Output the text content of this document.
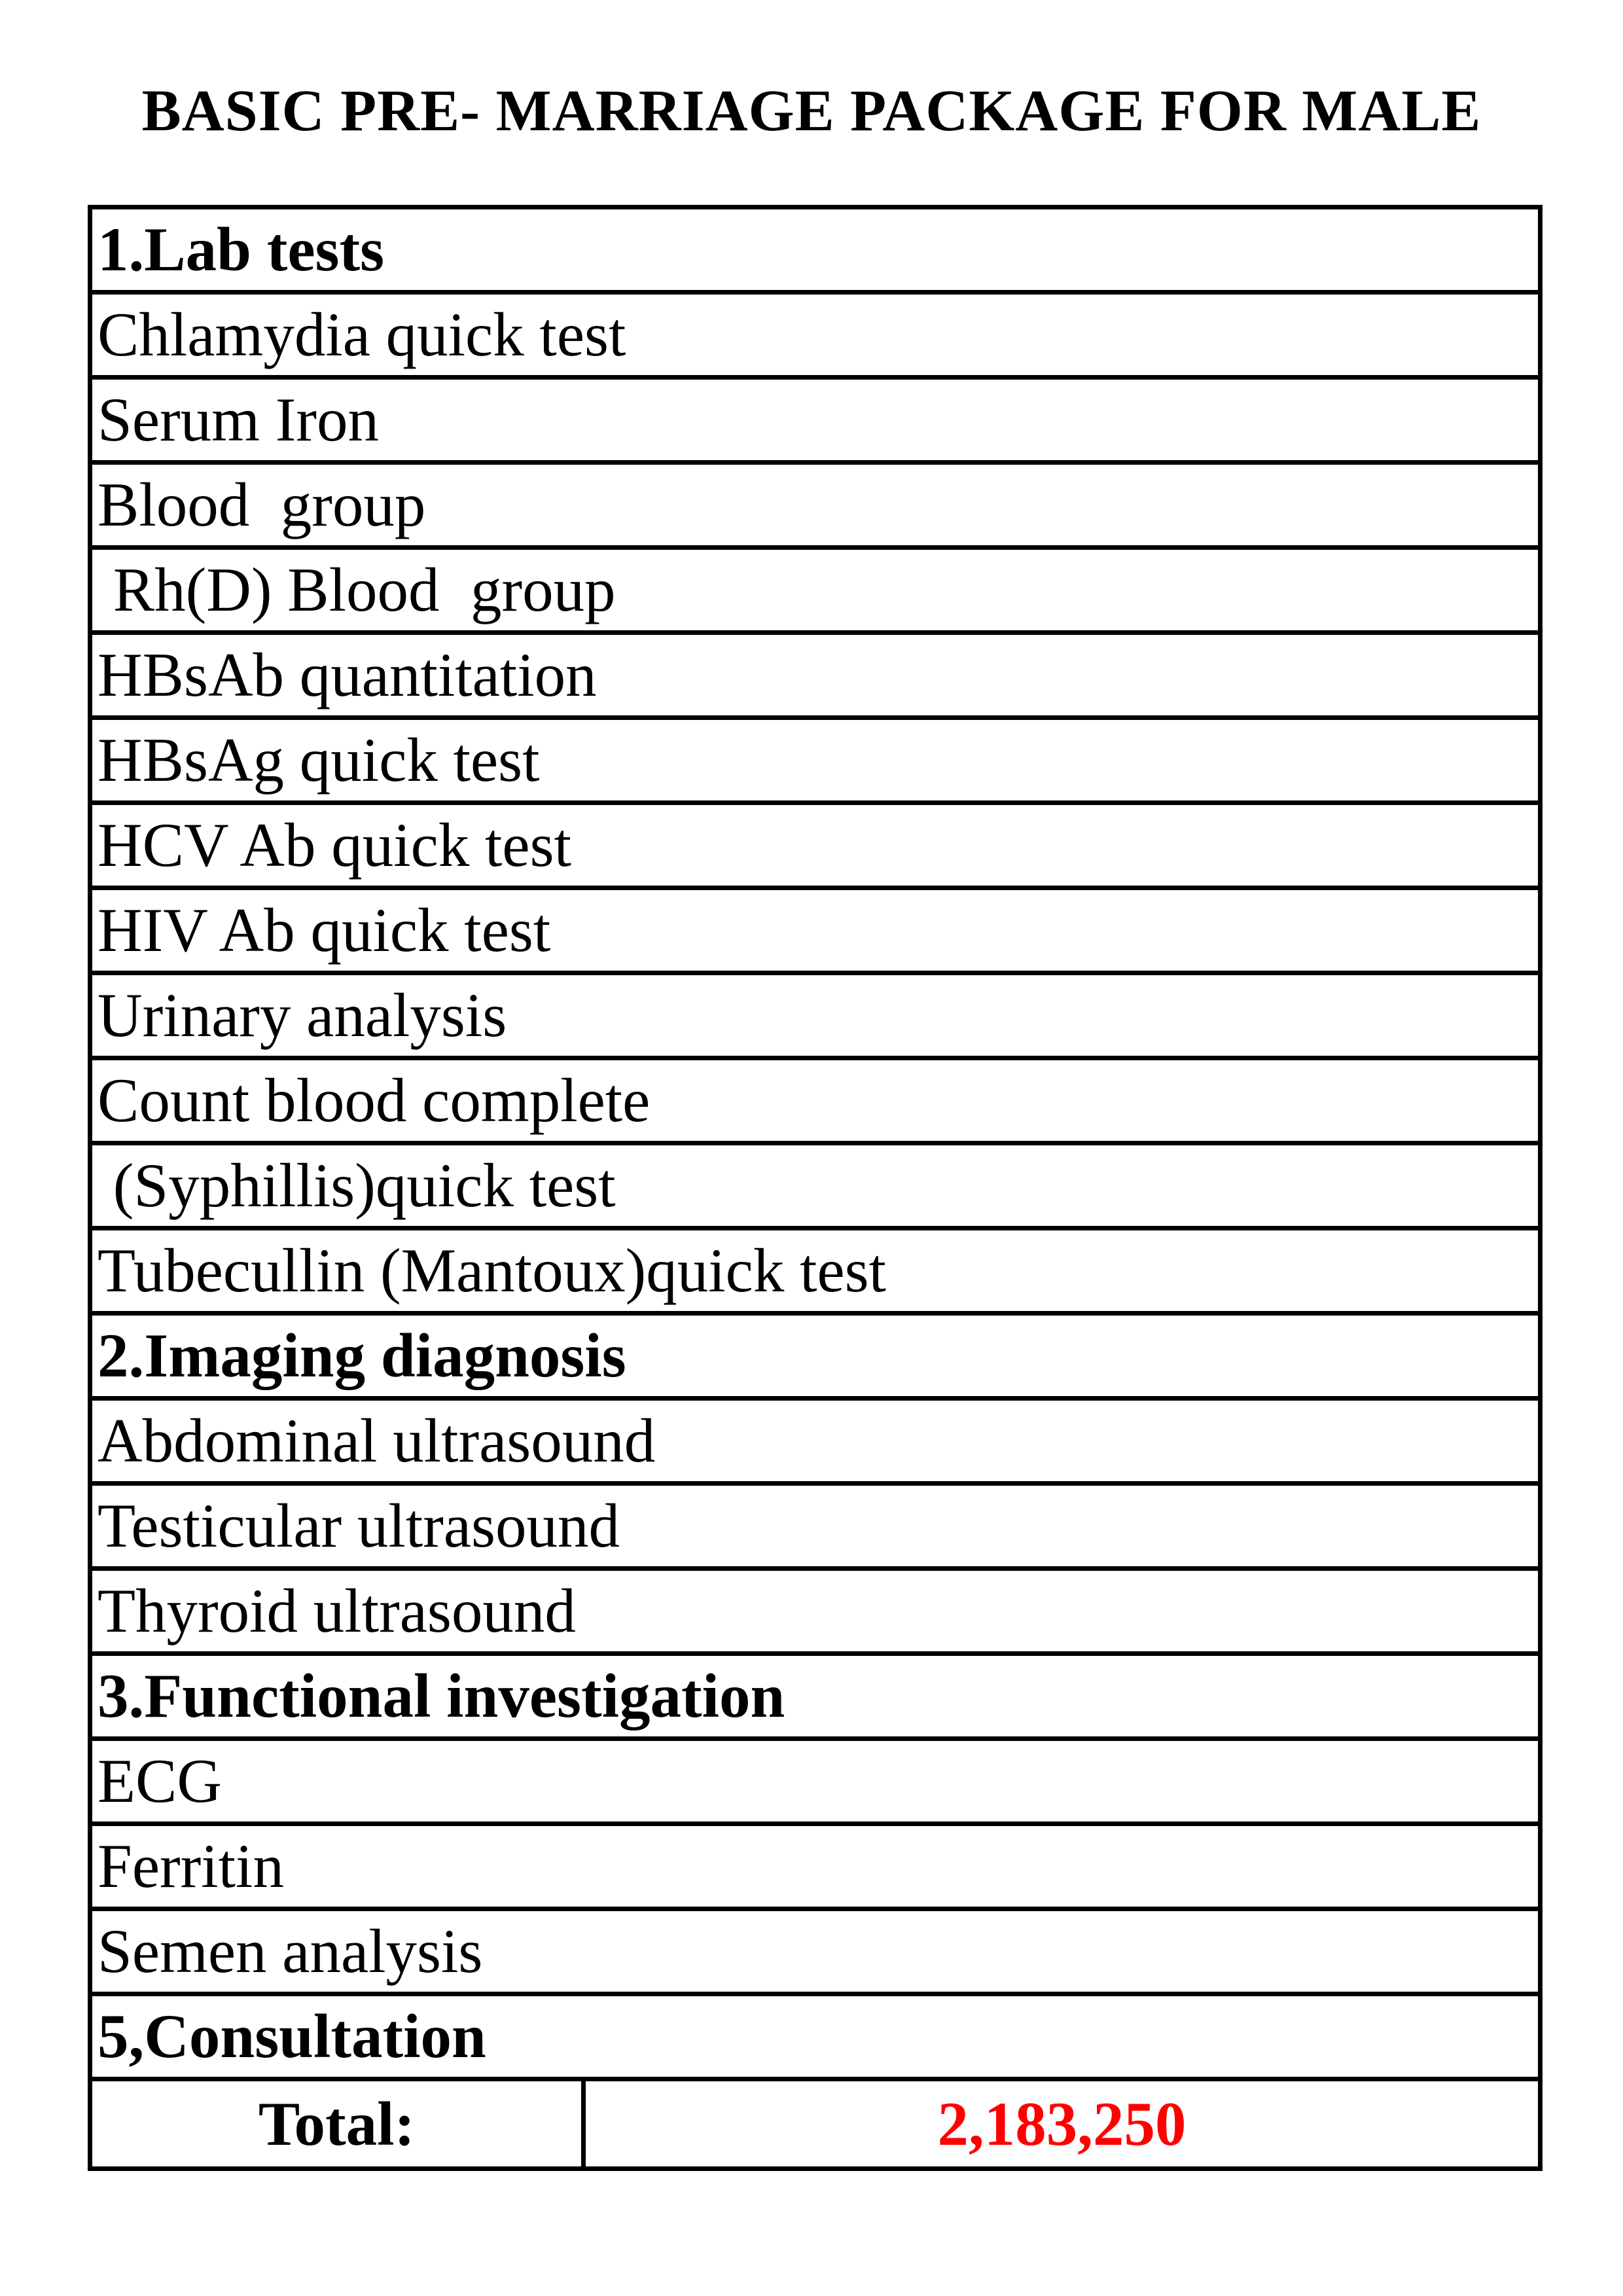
BASIC PRE- MARRIAGE PACKAGE FOR MALE
1.Lab tests
Chlamydia quick test
Serum Iron
Blood  group
Rh(D) Blood  group
HBsAb quantitation
HBsAg quick test
HCV Ab quick test
HIV Ab quick test
Urinary analysis
Count blood complete
(Syphillis)quick test
Tubecullin (Mantoux)quick test
2.Imaging diagnosis
Abdominal ultrasound
Testicular ultrasound
Thyroid ultrasound
3.Functional investigation
ECG
Ferritin
Semen analysis
5,Consultation
Total:	2,183,250
